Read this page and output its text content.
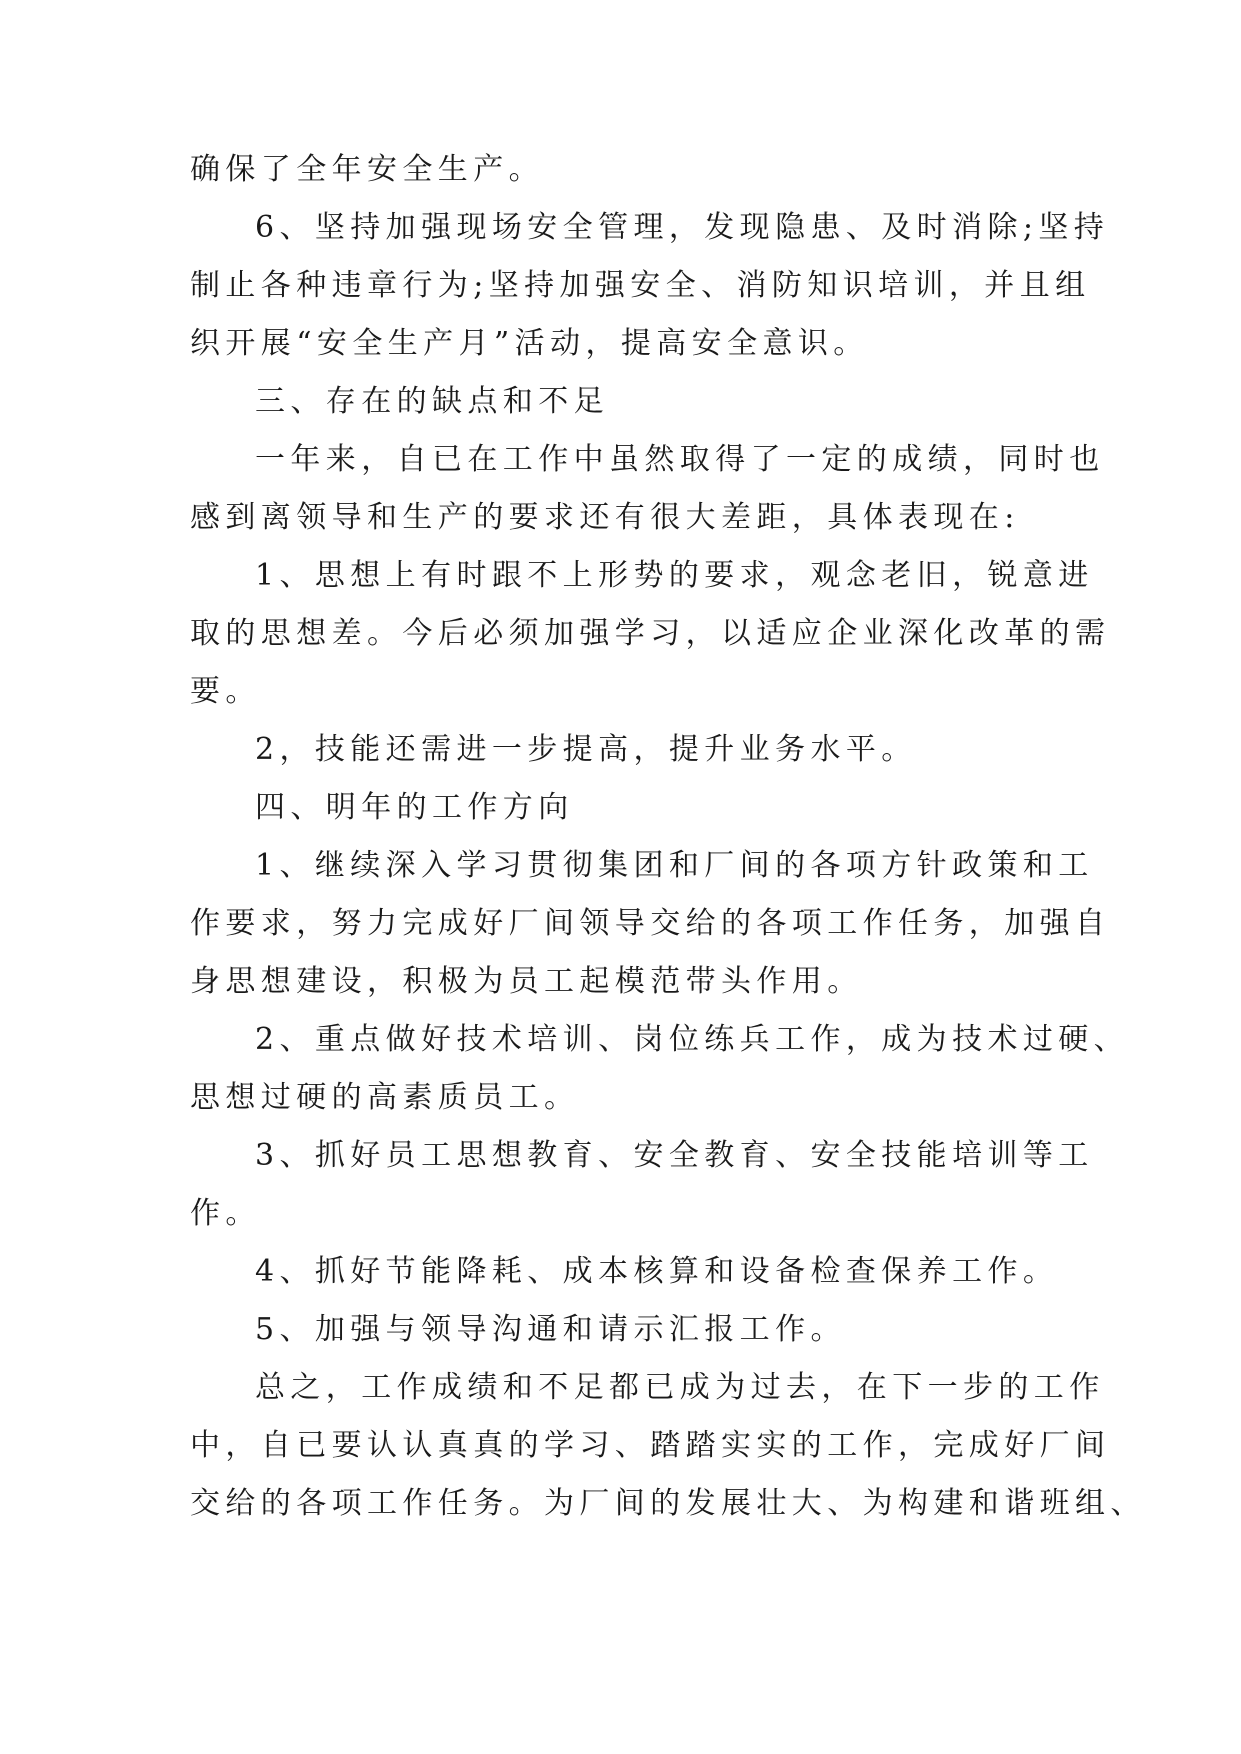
确保了全年安全生产。
6、坚持加强现场安全管理，发现隐患、及时消除;坚持
制止各种违章行为;坚持加强安全、消防知识培训，并且组
织开展“安全生产月”活动，提高安全意识。
三、存在的缺点和不足
一年来，自已在工作中虽然取得了一定的成绩，同时也
感到离领导和生产的要求还有很大差距，具体表现在:
1、思想上有时跟不上形势的要求，观念老旧，锐意进
取的思想差。今后必须加强学习，以适应企业深化改革的需
要。
2，技能还需进一步提高，提升业务水平。
四、明年的工作方向
1、继续深入学习贯彻集团和厂间的各项方针政策和工
作要求，努力完成好厂间领导交给的各项工作任务，加强自
身思想建设，积极为员工起模范带头作用。
2、重点做好技术培训、岗位练兵工作，成为技术过硬、
思想过硬的高素质员工。
3、抓好员工思想教育、安全教育、安全技能培训等工
作。
4、抓好节能降耗、成本核算和设备检查保养工作。
5、加强与领导沟通和请示汇报工作。
总之，工作成绩和不足都已成为过去，在下一步的工作
中，自已要认认真真的学习、踏踏实实的工作，完成好厂间
交给的各项工作任务。为厂间的发展壮大、为构建和谐班组、
